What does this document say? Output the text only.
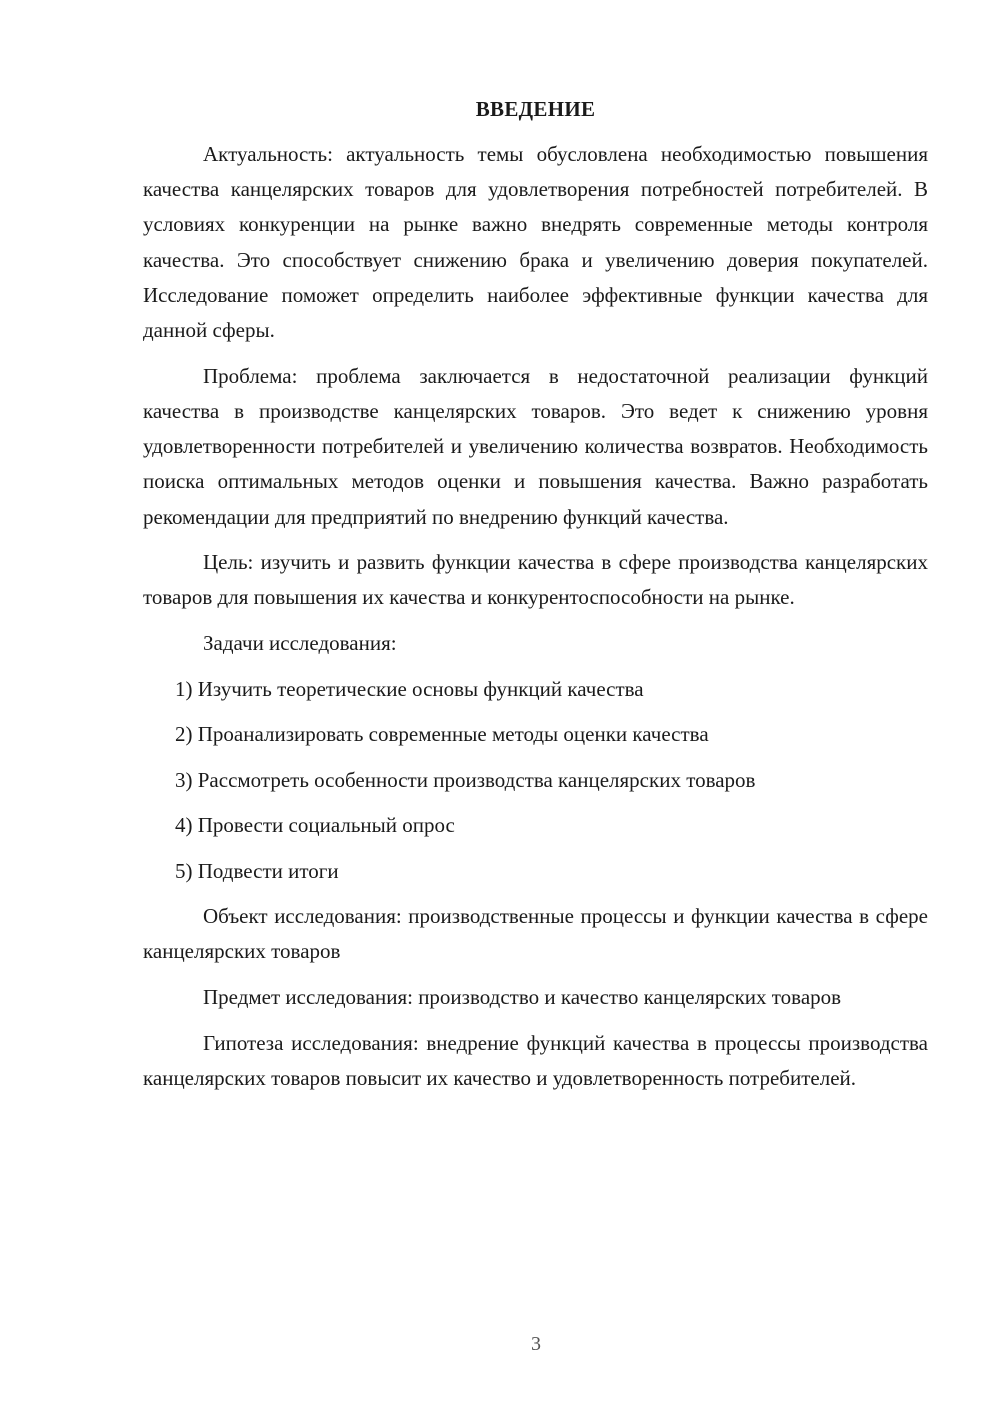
ВВЕДЕНИЕ

Актуальность: актуальность темы обусловлена необходимостью повышения качества канцелярских товаров для удовлетворения потребностей потребителей. В условиях конкуренции на рынке важно внедрять современные методы контроля качества. Это способствует снижению брака и увеличению доверия покупателей. Исследование поможет определить наиболее эффективные функции качества для данной сферы.

Проблема: проблема заключается в недостаточной реализации функций качества в производстве канцелярских товаров. Это ведет к снижению уровня удовлетворенности потребителей и увеличению количества возвратов. Необходимость поиска оптимальных методов оценки и повышения качества. Важно разработать рекомендации для предприятий по внедрению функций качества.

Цель: изучить и развить функции качества в сфере производства канцелярских товаров для повышения их качества и конкурентоспособности на рынке.

Задачи исследования:

1) Изучить теоретические основы функций качества
2) Проанализировать современные методы оценки качества
3) Рассмотреть особенности производства канцелярских товаров
4) Провести социальный опрос
5) Подвести итоги

Объект исследования: производственные процессы и функции качества в сфере канцелярских товаров

Предмет исследования: производство и качество канцелярских товаров

Гипотеза исследования: внедрение функций качества в процессы производства канцелярских товаров повысит их качество и удовлетворенность потребителей.

3
